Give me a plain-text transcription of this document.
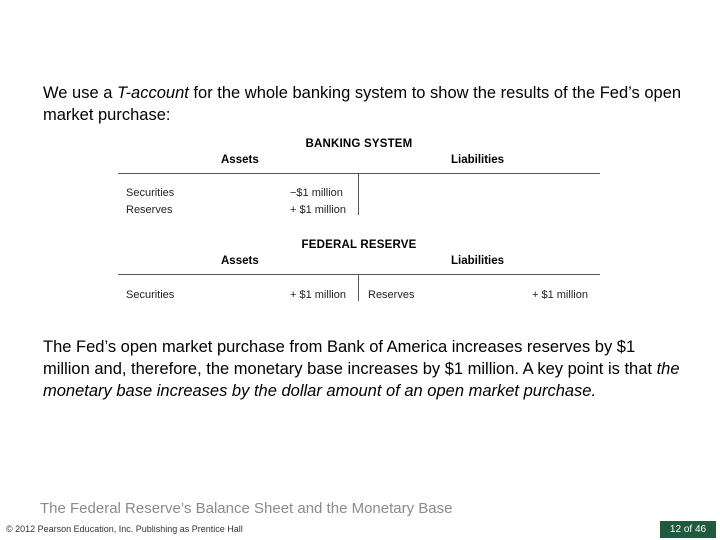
We use a T-account for the whole banking system to show the results of the Fed’s open market purchase:

BANKING SYSTEM
Assets	Liabilities
Securities	−$1 million
Reserves	+ $1 million
FEDERAL RESERVE
Assets	Liabilities
Securities	+ $1 million Reserves	+ $1 million

The Fed’s open market purchase from Bank of America increases reserves by $1 million and, therefore, the monetary base increases by $1 million. A key point is that the monetary base increases by the dollar amount of an open market purchase.

The Federal Reserve’s Balance Sheet and the Monetary Base
© 2012 Pearson Education, Inc. Publishing as Prentice Hall	12 of 46
